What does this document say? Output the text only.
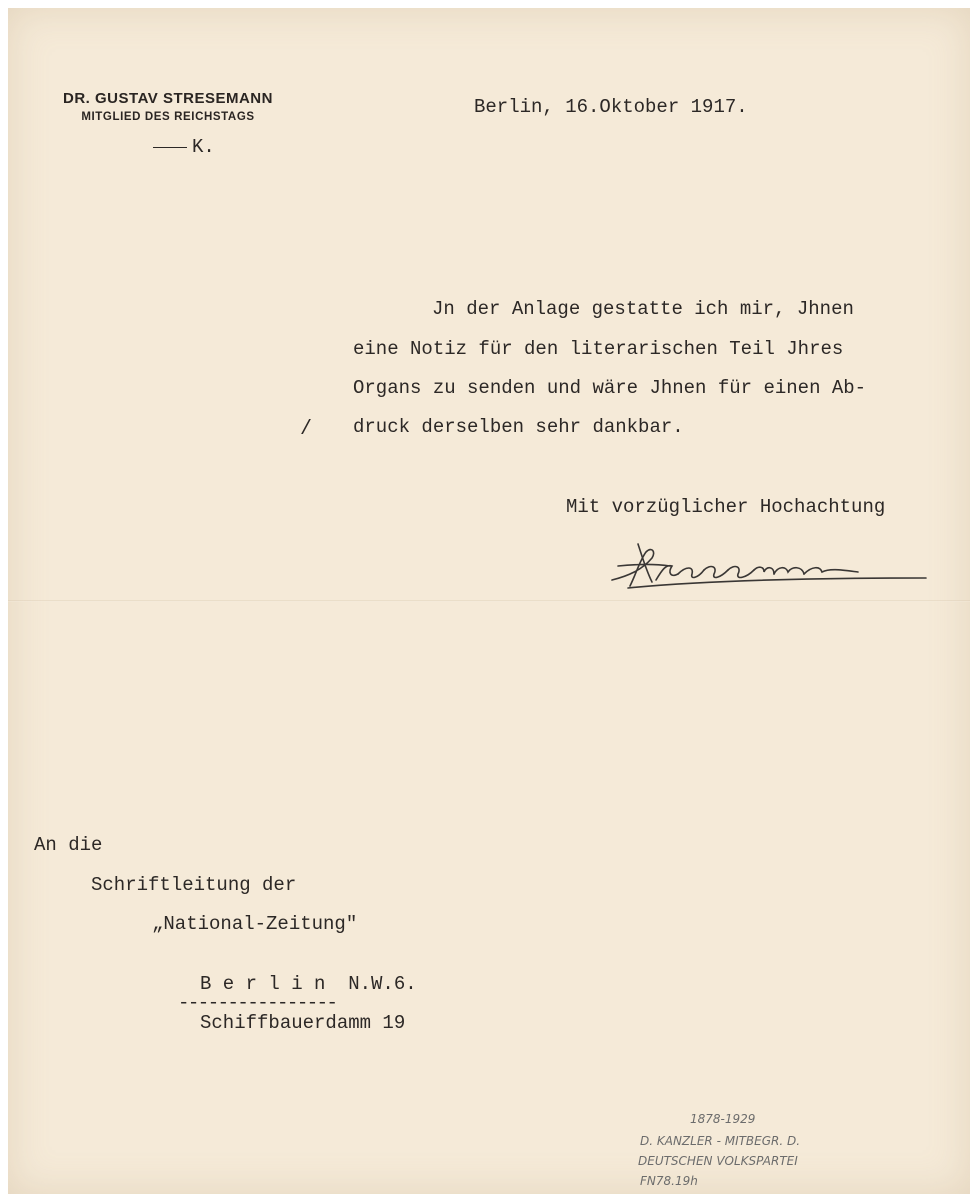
DR. GUSTAV STRESEMANN
MITGLIED DES REICHSTAGS
K.
Berlin, 16.Oktober 1917.
Jn der Anlage gestatte ich mir, Jhnen
eine Notiz für den literarischen Teil Jhres
Organs zu senden und wäre Jhnen für einen Ab-
druck derselben sehr dankbar.
/
Mit vorzüglicher Hochachtung
An die
Schriftleitung der
„National-Zeitung"
B e r l i n  N.W.6.
----------------
Schiffbauerdamm 19
1878-1929
D. KANZLER - MITBEGR. D.
DEUTSCHEN VOLKSPARTEI
FN78.19h
